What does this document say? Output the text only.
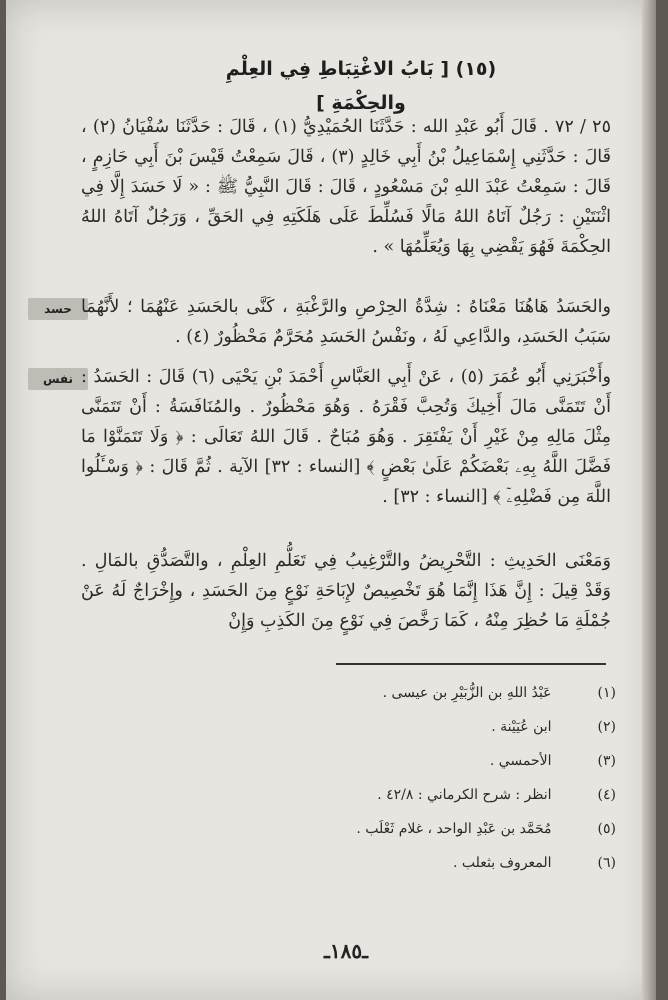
(١٥) [ بَابُ الاغْتِبَاطِ فِي العِلْمِ والحِكْمَةِ ]
حسد
نفس
٢٥ / ٧٢ . قَالَ أَبُو عَبْدِ الله : حَدَّثَنَا الحُمَيْدِيُّ (١) ، قَالَ : حَدَّثَنَا سُفْيَانُ (٢) ، قَالَ : حَدَّثَنِي إِسْمَاعِيلُ بْنُ أَبِي خَالِدٍ (٣) ، قَالَ سَمِعْتُ قَيْسَ بْنَ أَبِي حَازِمٍ ، قَالَ : سَمِعْتُ عَبْدَ اللهِ بْنَ مَسْعُودٍ ، قَالَ : قَالَ النَّبِيُّ ﷺ : « لَا حَسَدَ إِلَّا فِي اثْنَتَيْنِ : رَجُلٌ آتَاهُ اللهُ مَالًا فَسُلِّطَ عَلَى هَلَكَتِهِ فِي الحَقِّ ، وَرَجُلٌ آتَاهُ اللهُ الحِكْمَةَ فَهُوَ يَقْضِي بِهَا وَيُعَلِّمُهَا » .
والحَسَدُ هَاهُنَا مَعْنَاهُ : شِدَّةُ الحِرْصِ والرَّغْبَةِ ، كَنَّى بالحَسَدِ عَنْهُمَا ؛ لأَنَّهُمَا سَبَبُ الحَسَدِ، والدَّاعِي لَهُ ، ونَفْسُ الحَسَدِ مُحَرَّمٌ مَحْظُورٌ (٤) .
وأَخْبَرَنِي أَبُو عُمَرَ (٥) ، عَنْ أَبِي العَبَّاسِ أَحْمَدَ بْنِ يَحْيَى (٦) قَالَ : الحَسَدُ : أَنْ تَتَمَنَّى مَالَ أَخِيكَ وَتُحِبَّ فَقْرَهُ . وَهُوَ مَحْظُورٌ . والمُنَافَسَةُ : أَنْ تَتَمَنَّى مِثْلَ مَالِهِ مِنْ غَيْرِ أَنْ يَفْتَقِرَ . وَهُوَ مُبَاحٌ . قَالَ اللهُ تَعَالَى : ﴿ وَلَا تَتَمَنَّوْا مَا فَضَّلَ اللَّهُ بِهِۦ بَعْضَكُمْ عَلَىٰ بَعْضٍ ﴾ [النساء : ٣٢] الآية . ثُمَّ قَالَ : ﴿ وَسْـَٔلُوا اللَّهَ مِن فَضْلِهِۦٓ ﴾ [النساء : ٣٢] .
وَمَعْنَى الحَدِيثِ : التَّحْرِيضُ والتَّرْغِيبُ فِي تَعَلُّمِ العِلْمِ ، والتَّصَدُّقِ بالمَالِ . وَقَدْ قِيلَ : إِنَّ هَذَا إِنَّمَا هُوَ تَخْصِيصٌ لإِبَاحَةِ نَوْعٍ مِنَ الحَسَدِ ، وإِخْرَاجٌ لَهُ عَنْ جُمْلَةِ مَا حُظِرَ مِنْهُ ، كَمَا رَخَّصَ فِي نَوْعٍ مِنَ الكَذِبِ وَإِنْ
(١) عَبْدُ اللهِ بن الزُّبَيْرِ بن عيسى .
(٢) ابن عُيَيْنة .
(٣) الأحمسي .
(٤) انظر : شرح الكرماني : ٤٢/٨ .
(٥) مُحَمَّد بن عَبْدِ الواحد ، غلام ثَعْلَب .
(٦) المعروف بثعلب .
ـ١٨٥ـ
